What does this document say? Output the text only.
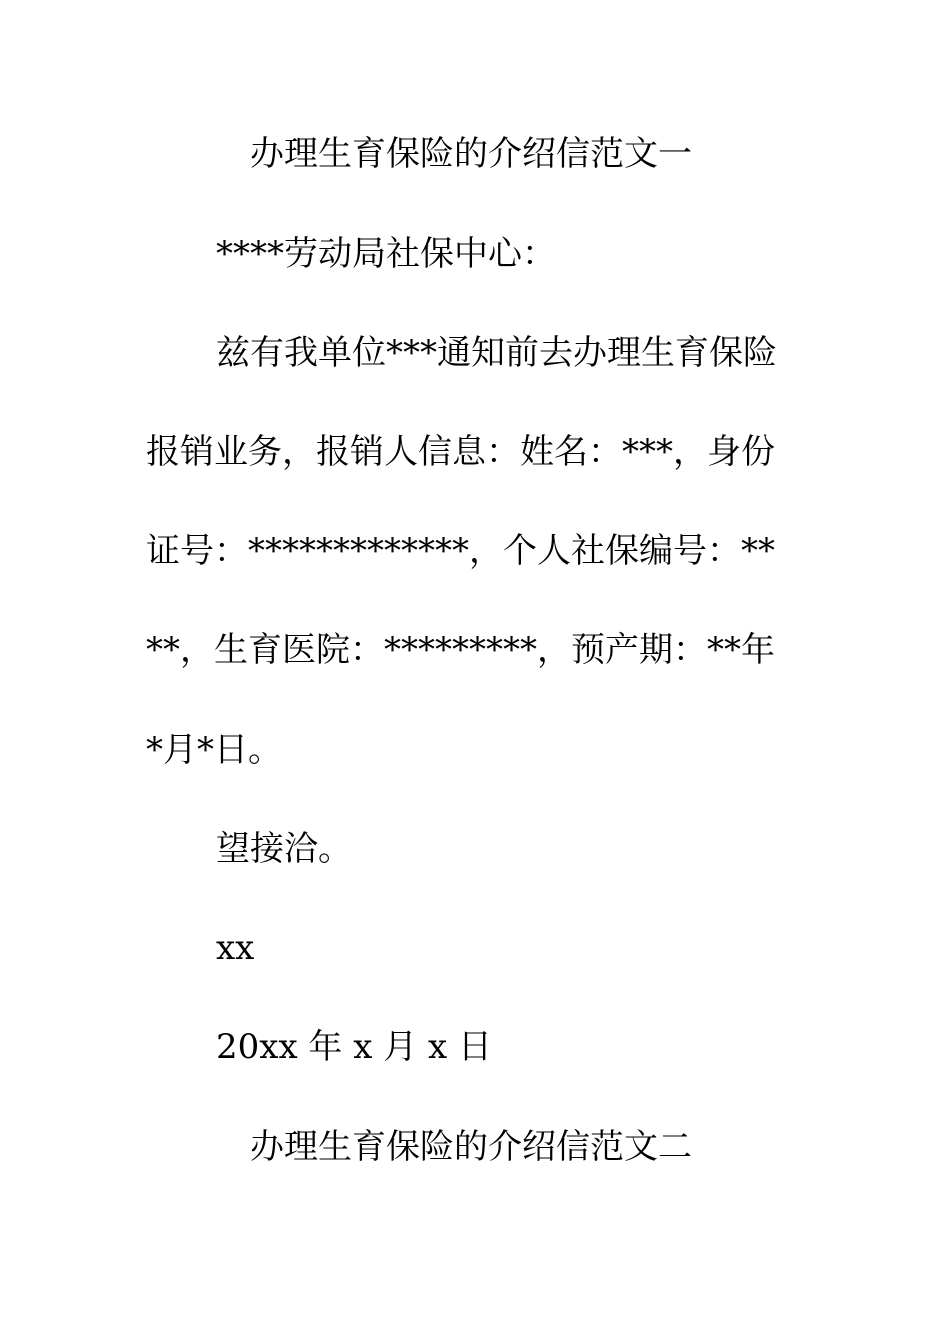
办理生育保险的介绍信范文一

****劳动局社保中心：

兹有我单位***通知前去办理生育保险

报销业务，报销人信息：姓名：***，身份

证号：*************，个人社保编号：**

**，生育医院：*********，预产期：**年

*月*日。

望接洽。

xx

20xx 年 x 月 x 日

办理生育保险的介绍信范文二
